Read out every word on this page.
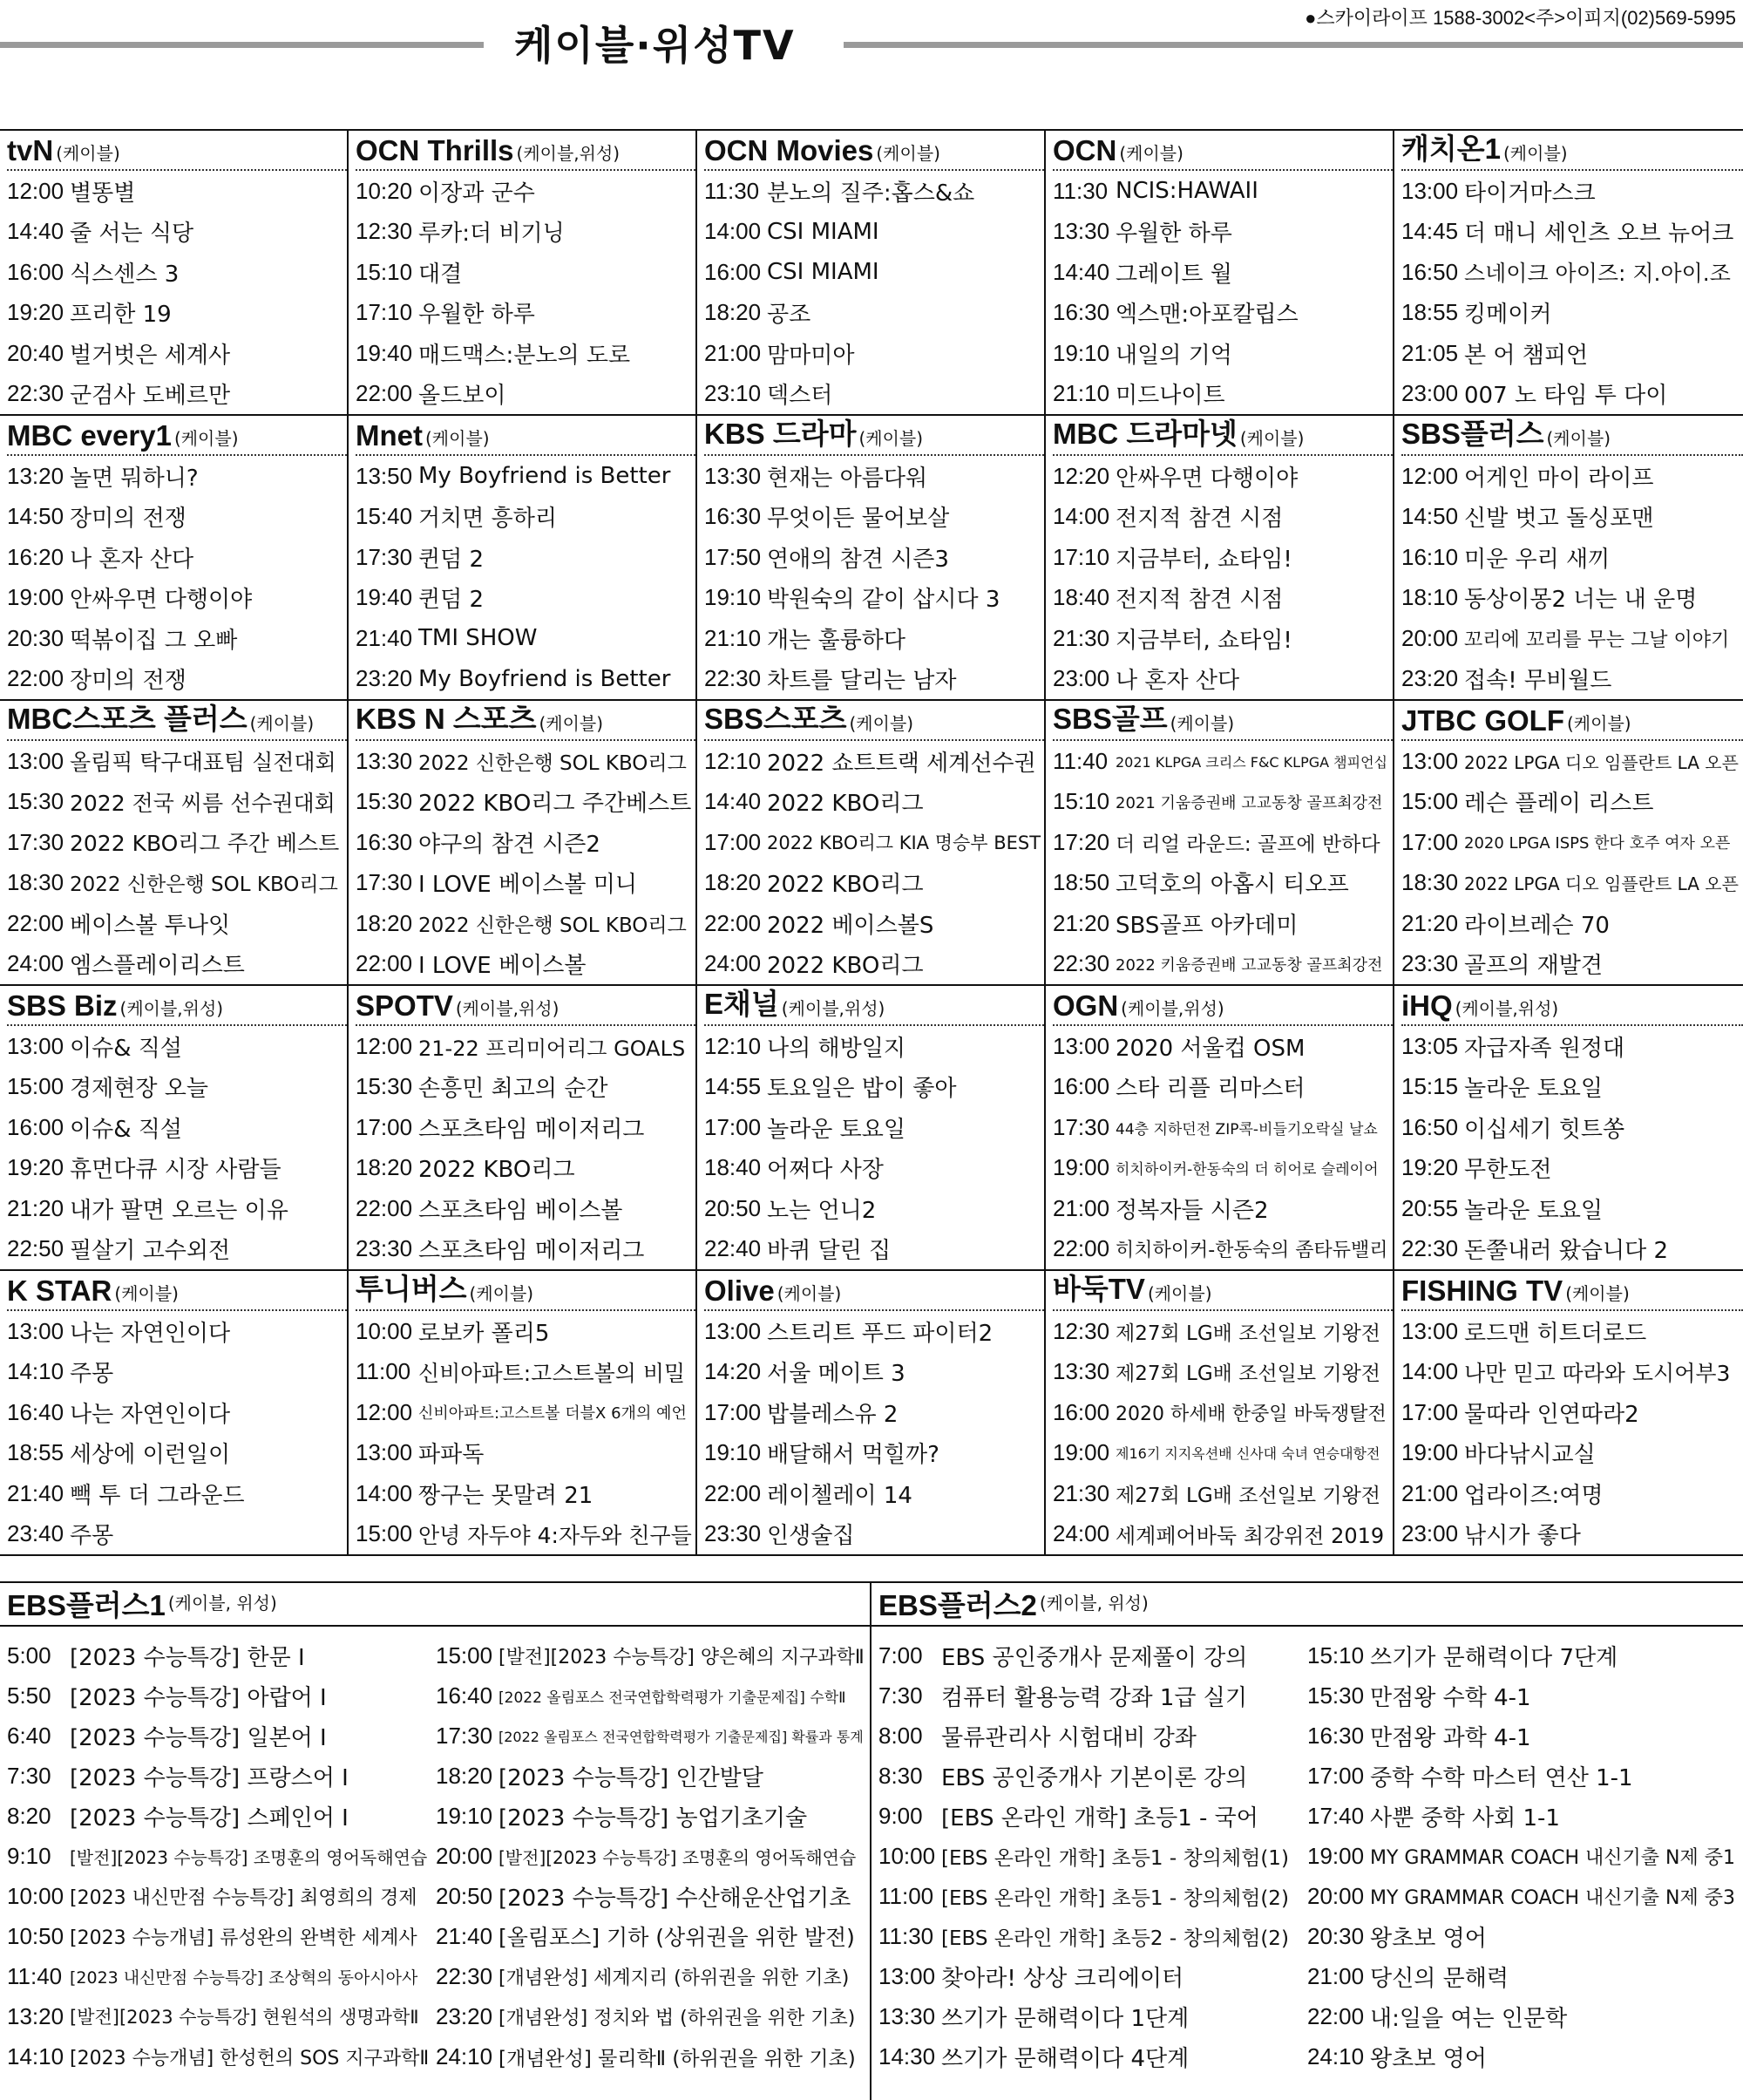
케이블·위성TV
●스카이라이프 1588-3002<주>이피지(02)569-5995
tvN (케이블)
12:00 별똥별
14:40 줄 서는 식당
16:00 식스센스 3
19:20 프리한 19
20:40 벌거벗은 세계사
22:30 군검사 도베르만
OCN Thrills (케이블,위성)
10:20 이장과 군수
12:30 루카:더 비기닝
15:10 대결
17:10 우월한 하루
19:40 매드맥스:분노의 도로
22:00 올드보이
OCN Movies (케이블)
11:30 분노의 질주:홉스&쇼
14:00 CSI MIAMI
16:00 CSI MIAMI
18:20 공조
21:00 맘마미아
23:10 덱스터
OCN (케이블)
11:30 NCIS:HAWAII
13:30 우월한 하루
14:40 그레이트 월
16:30 엑스맨:아포칼립스
19:10 내일의 기억
21:10 미드나이트
캐치온1 (케이블)
13:00 타이거마스크
14:45 더 매니 세인츠 오브 뉴어크
16:50 스네이크 아이즈: 지.아이.조
18:55 킹메이커
21:05 본 어 챔피언
23:00 007 노 타임 투 다이
MBC every1 (케이블)
13:20 놀면 뭐하니?
14:50 장미의 전쟁
16:20 나 혼자 산다
19:00 안싸우면 다행이야
20:30 떡볶이집 그 오빠
22:00 장미의 전쟁
Mnet (케이블)
13:50 My Boyfriend is Better
15:40 거치면 흥하리
17:30 퀸덤 2
19:40 퀸덤 2
21:40 TMI SHOW
23:20 My Boyfriend is Better
KBS 드라마 (케이블)
13:30 현재는 아름다워
16:30 무엇이든 물어보살
17:50 연애의 참견 시즌3
19:10 박원숙의 같이 삽시다 3
21:10 개는 훌륭하다
22:30 차트를 달리는 남자
MBC 드라마넷 (케이블)
12:20 안싸우면 다행이야
14:00 전지적 참견 시점
17:10 지금부터, 쇼타임!
18:40 전지적 참견 시점
21:30 지금부터, 쇼타임!
23:00 나 혼자 산다
SBS플러스 (케이블)
12:00 어게인 마이 라이프
14:50 신발 벗고 돌싱포맨
16:10 미운 우리 새끼
18:10 동상이몽2 너는 내 운명
20:00 꼬리에 꼬리를 무는 그날 이야기
23:20 접속! 무비월드
MBC스포츠 플러스 (케이블)
13:00 올림픽 탁구대표팀 실전대회
15:30 2022 전국 씨름 선수권대회
17:30 2022 KBO리그 주간 베스트
18:30 2022 신한은행 SOL KBO리그
22:00 베이스볼 투나잇
24:00 엠스플레이리스트
KBS N 스포츠 (케이블)
13:30 2022 신한은행 SOL KBO리그
15:30 2022 KBO리그 주간베스트
16:30 야구의 참견 시즌2
17:30 I LOVE 베이스볼 미니
18:20 2022 신한은행 SOL KBO리그
22:00 I LOVE 베이스볼
SBS스포츠 (케이블)
12:10 2022 쇼트트랙 세계선수권
14:40 2022 KBO리그
17:00 2022 KBO리그 KIA 명승부 BEST
18:20 2022 KBO리그
22:00 2022 베이스볼S
24:00 2022 KBO리그
SBS골프 (케이블)
11:40 2021 KLPGA 크리스 F&C KLPGA 챔피언십
15:10 2021 기움증권배 고교동창 골프최강전
17:20 더 리얼 라운드: 골프에 반하다
18:50 고덕호의 아홉시 티오프
21:20 SBS골프 아카데미
22:30 2022 키움증권배 고교동창 골프최강전
JTBC GOLF (케이블)
13:00 2022 LPGA 디오 임플란트 LA 오픈
15:00 레슨 플레이 리스트
17:00 2020 LPGA ISPS 한다 호주 여자 오픈
18:30 2022 LPGA 디오 임플란트 LA 오픈
21:20 라이브레슨 70
23:30 골프의 재발견
SBS Biz (케이블,위성)
13:00 이슈& 직설
15:00 경제현장 오늘
16:00 이슈& 직설
19:20 휴먼다큐 시장 사람들
21:20 내가 팔면 오르는 이유
22:50 필살기 고수외전
SPOTV (케이블,위성)
12:00 21-22 프리미어리그 GOALS
15:30 손흥민 최고의 순간
17:00 스포츠타임 메이저리그
18:20 2022 KBO리그
22:00 스포츠타임 베이스볼
23:30 스포츠타임 메이저리그
E채널 (케이블,위성)
12:10 나의 해방일지
14:55 토요일은 밥이 좋아
17:00 놀라운 토요일
18:40 어쩌다 사장
20:50 노는 언니2
22:40 바퀴 달린 집
OGN (케이블,위성)
13:00 2020 서울컵 OSM
16:00 스타 리플 리마스터
17:30 44층 지하던전 ZIP콕-비들기오락실 날쇼
19:00 히치하이커-한동숙의 더 히어로 슬레이어
21:00 정복자들 시즌2
22:00 히치하이커-한동숙의 좀타듀밸리
iHQ (케이블,위성)
13:05 자급자족 원정대
15:15 놀라운 토요일
16:50 이십세기 힛트쏭
19:20 무한도전
20:55 놀라운 토요일
22:30 돈쭐내러 왔습니다 2
K STAR (케이블)
13:00 나는 자연인이다
14:10 주몽
16:40 나는 자연인이다
18:55 세상에 이런일이
21:40 빽 투 더 그라운드
23:40 주몽
투니버스 (케이블)
10:00 로보카 폴리5
11:00 신비아파트:고스트볼의 비밀
12:00 신비아파트:고스트볼 더블X 6개의 예언
13:00 파파독
14:00 짱구는 못말려 21
15:00 안녕 자두야 4:자두와 친구들
Olive (케이블)
13:00 스트리트 푸드 파이터2
14:20 서울 메이트 3
17:00 밥블레스유 2
19:10 배달해서 먹힐까?
22:00 레이첼레이 14
23:30 인생술집
바둑TV (케이블)
12:30 제27회 LG배 조선일보 기왕전
13:30 제27회 LG배 조선일보 기왕전
16:00 2020 하세배 한중일 바둑쟁탈전
19:00 제16기 지지옥션배 신사대 숙녀 연승대항전
21:30 제27회 LG배 조선일보 기왕전
24:00 세계페어바둑 최강위전 2019
FISHING TV (케이블)
13:00 로드맨 히트더로드
14:00 나만 믿고 따라와 도시어부3
17:00 물따라 인연따라2
19:00 바다낚시교실
21:00 업라이즈:여명
23:00 낚시가 좋다
EBS플러스1 (케이블, 위성)
5:00 [2023 수능특강] 한문 Ⅰ
5:50 [2023 수능특강] 아랍어 Ⅰ
6:40 [2023 수능특강] 일본어 Ⅰ
7:30 [2023 수능특강] 프랑스어 Ⅰ
8:20 [2023 수능특강] 스페인어 Ⅰ
9:10	[발전][2023 수능특강] 조명훈의 영어독해연습
10:00 [2023 내신만점 수능특강] 최영희의 경제
10:50 [2023 수능개념] 류성완의 완벽한 세계사
11:40 [2023 내신만점 수능특강] 조상혁의 동아시아사
13:20 [발전][2023 수능특강] 현원석의 생명과학Ⅱ
14:10 [2023 수능개념] 한성헌의 SOS 지구과학Ⅱ
15:00 [발전][2023 수능특강] 양은혜의 지구과학Ⅱ
16:40 [2022 올림포스 전국연합학력평가 기출문제집] 수학Ⅱ
17:30 [2022 올림포스 전국연합학력평가 기출문제집] 확률과 통계
18:20 [2023 수능특강] 인간발달
19:10 [2023 수능특강] 농업기초기술
20:00 [발전][2023 수능특강] 조명훈의 영어독해연습
20:50 [2023 수능특강] 수산해운산업기초
21:40 [올림포스] 기하 (상위권을 위한 발전)
22:30 [개념완성] 세계지리 (하위권을 위한 기초)
23:20 [개념완성] 정치와 법 (하위권을 위한 기초)
24:10 [개념완성] 물리학Ⅱ (하위권을 위한 기초)
EBS플러스2 (케이블, 위성)
7:00 EBS 공인중개사 문제풀이 강의
7:30 컴퓨터 활용능력 강좌 1급 실기
8:00 물류관리사 시험대비 강좌
8:30 EBS 공인중개사 기본이론 강의
9:00 [EBS 온라인 개학] 초등1 - 국어
10:00 [EBS 온라인 개학] 초등1 - 창의체험(1)
11:00 [EBS 온라인 개학] 초등1 - 창의체험(2)
11:30 [EBS 온라인 개학] 초등2 - 창의체험(2)
13:00 찾아라! 상상 크리에이터
13:30 쓰기가 문해력이다 1단계
14:30 쓰기가 문해력이다 4단계
15:10 쓰기가 문해력이다 7단계
15:30 만점왕 수학 4-1
16:30 만점왕 과학 4-1
17:00 중학 수학 마스터 연산 1-1
17:40 사뿐 중학 사회 1-1
19:00 MY GRAMMAR COACH 내신기출 N제 중1
20:00 MY GRAMMAR COACH 내신기출 N제 중3
20:30 왕초보 영어
21:00 당신의 문해력
22:00 내:일을 여는 인문학
24:10 왕초보 영어
